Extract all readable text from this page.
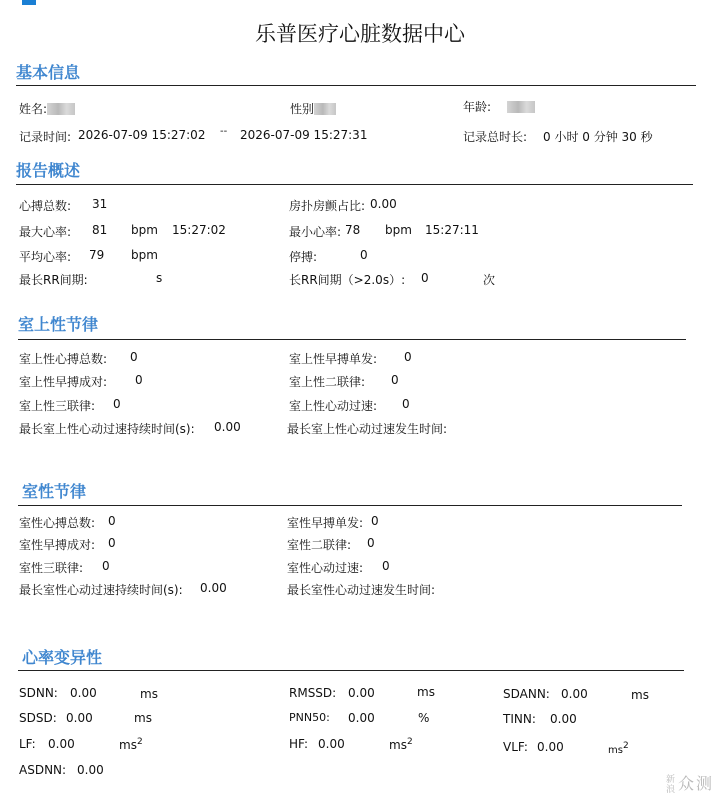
乐普医疗心脏数据中心
基本信息
姓名:	性别	年龄:
记录时间: 2026-07-09 15:27:02 -- 2026-07-09 15:27:31	记录总时长: 0 小时 0 分钟 30 秒
报告概述
心搏总数: 31	房扑房颤占比: 0.00
最大心率: 81 bpm 15:27:02	最小心率: 78 bpm 15:27:11
平均心率: 79 bpm	停搏:	0
最长RR间期:	s	长RR间期（>2.0s）: 0	次
室上性节律
室上性心搏总数: 0	室上性早搏单发: 0
室上性早搏成对: 0	室上性二联律: 0
室上性三联律: 0	室上性心动过速: 0
最长室上性心动过速持续时间(s): 0.00	最长室上性心动过速发生时间:
室性节律
室性心搏总数: 0	室性早搏单发: 0
室性早搏成对: 0	室性二联律: 0
室性三联律: 0	室性心动过速: 0
最长室性心动过速持续时间(s): 0.00	最长室性心动过速发生时间:
心率变异性
SDNN: 0.00	ms	RMSSD: 0.00	ms	SDANN: 0.00	ms
SDSD: 0.00	ms	PNN50: 0.00	%	TINN: 0.00
LF: 0.00	$ms^2$	HF: 0.00	$ms^2$	VLF: 0.00	ms2
ASDNN: 0.00
新浪众测
